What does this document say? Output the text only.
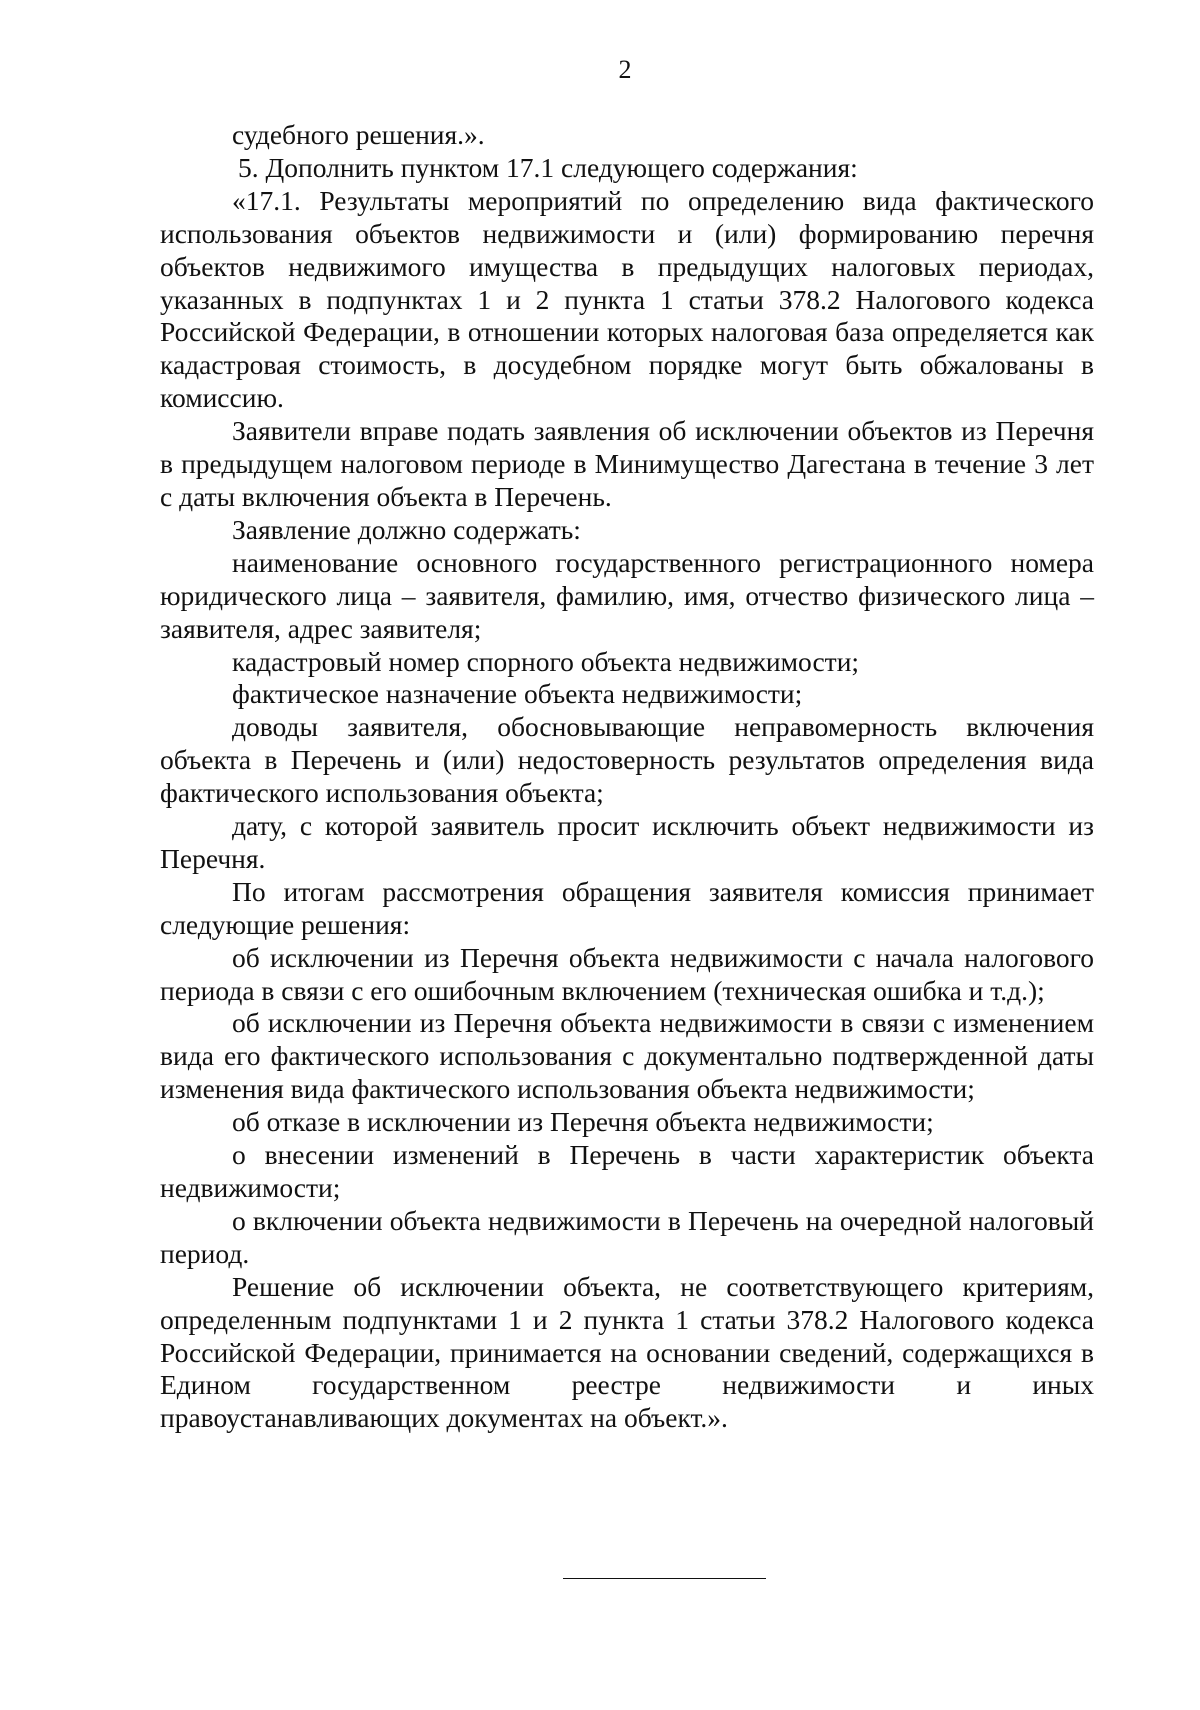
2

судебного решения.».

5. Дополнить пунктом 17.1 следующего содержания:

«17.1. Результаты мероприятий по определению вида фактического использования объектов недвижимости и (или) формированию перечня объектов недвижимого имущества в предыдущих налоговых периодах, указанных в подпунктах 1 и 2 пункта 1 статьи 378.2 Налогового кодекса Российской Федерации, в отношении которых налоговая база определяется как кадастровая стоимость, в досудебном порядке могут быть обжалованы в комиссию.

Заявители вправе подать заявления об исключении объектов из Перечня в предыдущем налоговом периоде в Минимущество Дагестана в течение 3 лет с даты включения объекта в Перечень.

Заявление должно содержать:

наименование основного государственного регистрационного номера юридического лица – заявителя, фамилию, имя, отчество физического лица – заявителя, адрес заявителя;

кадастровый номер спорного объекта недвижимости;

фактическое назначение объекта недвижимости;

доводы заявителя, обосновывающие неправомерность включения объекта в Перечень и (или) недостоверность результатов определения вида фактического использования объекта;

дату, с которой заявитель просит исключить объект недвижимости из Перечня.

По итогам рассмотрения обращения заявителя комиссия принимает следующие решения:

об исключении из Перечня объекта недвижимости с начала налогового периода в связи с его ошибочным включением (техническая ошибка и т.д.);

об исключении из Перечня объекта недвижимости в связи с изменением вида его фактического использования с документально подтвержденной даты изменения вида фактического использования объекта недвижимости;

об отказе в исключении из Перечня объекта недвижимости;

о внесении изменений в Перечень в части характеристик объекта недвижимости;

о включении объекта недвижимости в Перечень на очередной налоговый период.

Решение об исключении объекта, не соответствующего критериям, определенным подпунктами 1 и 2 пункта 1 статьи 378.2 Налогового кодекса Российской Федерации, принимается на основании сведений, содержащихся в Едином государственном реестре недвижимости и иных правоустанавливающих документах на объект.».
